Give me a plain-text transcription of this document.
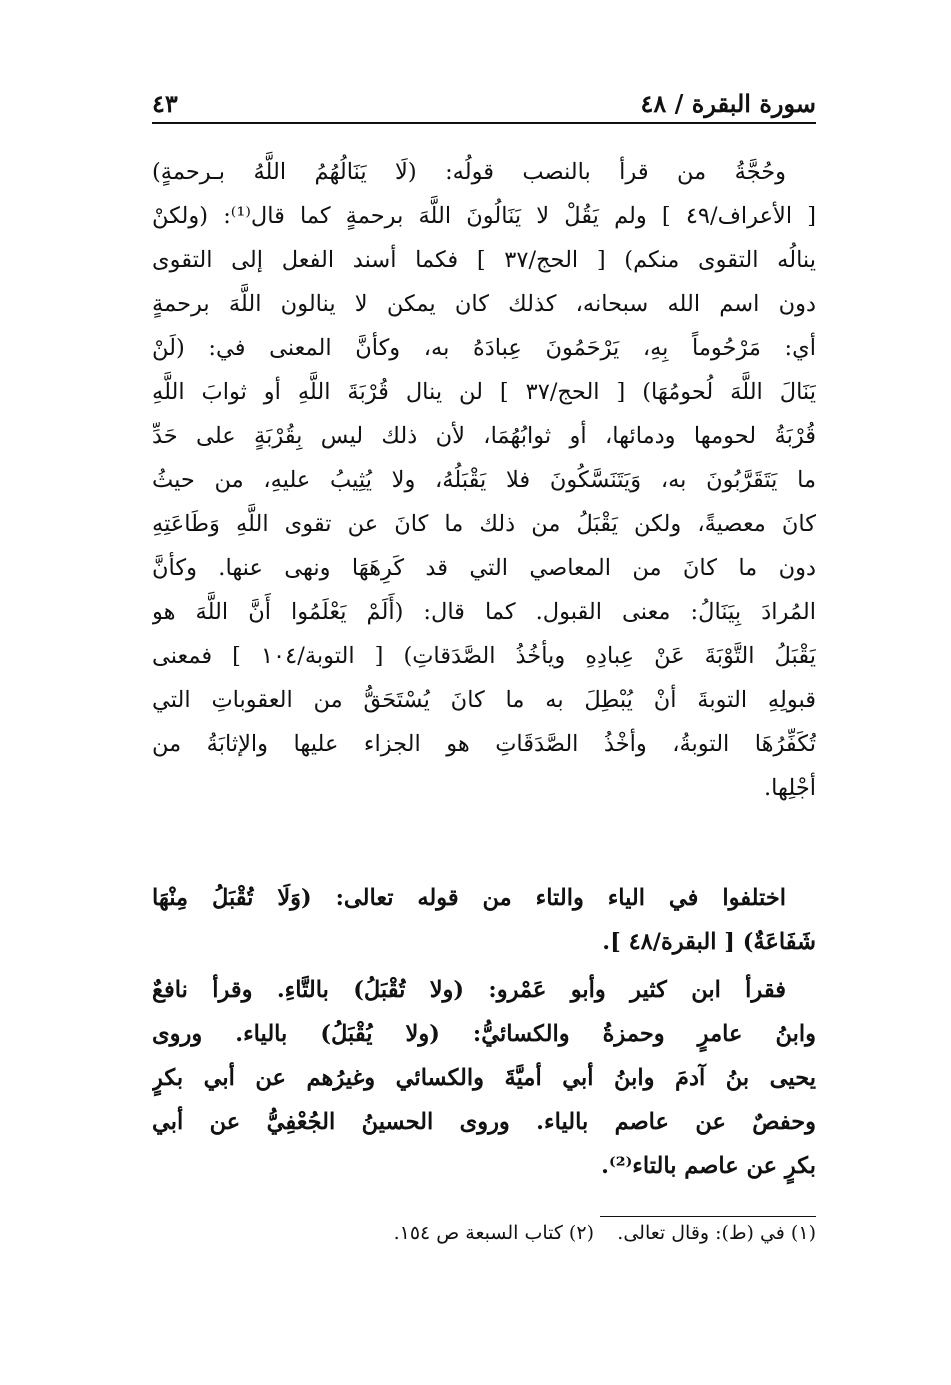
سورة البقرة / ٤٨
٤٣
وحُجَّةُ من قرأ بالنصب قولُه: (لَا يَنَالُهُمُ اللَّهُ بـرحمةٍ)
[ الأعراف/٤٩ ] ولم يَقُلْ لا يَنَالُونَ اللَّهَ برحمةٍ كما قال⁽¹⁾: (ولكنْ
ينالُه التقوى منكم) [ الحج/٣٧ ] فكما أسند الفعل إلى التقوى
دون اسم الله سبحانه، كذلك كان يمكن لا ينالون اللَّهَ برحمةٍ
أي: مَرْحُوماً بِهِ، يَرْحَمُونَ عِبادَهُ به، وكأنَّ المعنى في: (لَنْ
يَنَالَ اللَّهَ لُحومُهَا) [ الحج/٣٧ ] لن ينال قُرْبَةَ اللَّهِ أو ثوابَ اللَّهِ
قُرْبَةُ لحومها ودمائها، أو ثوابُهُمَا، لأن ذلك ليس بِقُرْبَةٍ على حَدِّ
ما يَتَقَرَّبُونَ به، وَيَتَنَسَّكُونَ فلا يَقْبَلُهُ، ولا يُثِيبُ عليهِ، من حيثُ
كانَ معصيةً، ولكن يَقْبَلُ من ذلك ما كانَ عن تقوى اللَّهِ وَطَاعَتِهِ
دون ما كانَ من المعاصي التي قد كَرِهَهَا ونهى عنها. وكأنَّ
المُرادَ بِيَنَالُ: معنى القبول. كما قال: (أَلَمْ يَعْلَمُوا أَنَّ اللَّهَ هو
يَقْبَلُ التَّوْبَةَ عَنْ عِبادِهِ ويأخُذُ الصَّدَقاتِ) [ التوبة/١٠٤ ] فمعنى
قبولِهِ التوبةَ أنْ يُبْطِلَ به ما كانَ يُسْتَحَقُّ من العقوباتِ التي
تُكَفِّرُهَا التوبةُ، وأخْذُ الصَّدَقَاتِ هو الجزاء عليها والإثابَةُ من
أجْلِها.
اختلفوا في الياء والتاء من قوله تعالى: (وَلَا تُقْبَلُ مِنْهَا
شَفَاعَةٌ) [ البقرة/٤٨ ].
فقرأ ابن كثير وأبو عَمْرو: (ولا تُقْبَلُ) بالتَّاءِ. وقرأ نافعٌ
وابنُ عامرٍ وحمزةُ والكسائيُّ: (ولا يُقْبَلُ) بالياء. وروى
يحيى بنُ آدمَ وابنُ أبي أميَّةَ والكسائي وغيرُهم عن أبي بكرٍ
وحفصٌ عن عاصم بالياء. وروى الحسينُ الجُعْفِيُّ عن أبي
بكرٍ عن عاصم بالتاء⁽²⁾.
(١) في (ط): وقال تعالى.
(٢) كتاب السبعة ص ١٥٤.
